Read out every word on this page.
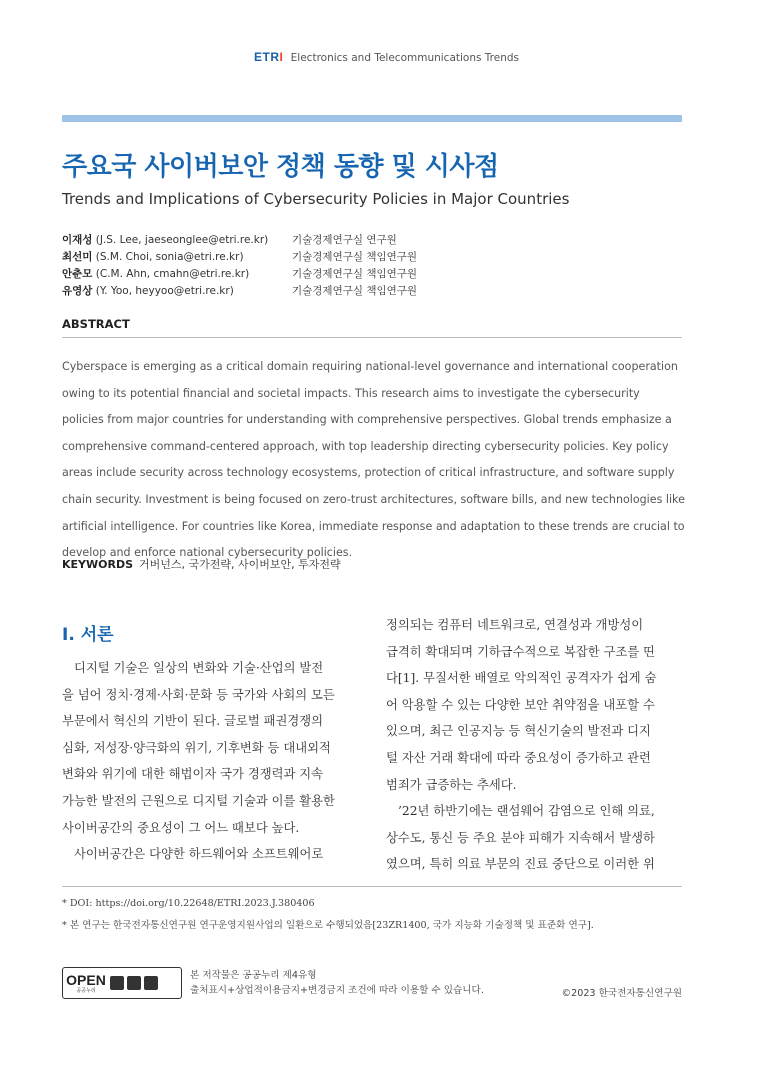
ETRI Electronics and Telecommunications Trends
주요국 사이버보안 정책 동향 및 시사점
Trends and Implications of Cybersecurity Policies in Major Countries
이재성 (J.S. Lee, jaeseonglee@etri.re.kr) 기술경제연구실 연구원
최선미 (S.M. Choi, sonia@etri.re.kr)	기술경제연구실 책임연구원
안춘모 (C.M. Ahn, cmahn@etri.re.kr)	기술경제연구실 책임연구원
유영상 (Y. Yoo, heyyoo@etri.re.kr)	기술경제연구실 책임연구원
ABSTRACT
Cyberspace is emerging as a critical domain requiring national-level governance and international cooperation
owing to its potential financial and societal impacts. This research aims to investigate the cybersecurity
policies from major countries for understanding with comprehensive perspectives. Global trends emphasize a
comprehensive command-centered approach, with top leadership directing cybersecurity policies. Key policy
areas include security across technology ecosystems, protection of critical infrastructure, and software supply
chain security. Investment is being focused on zero-trust architectures, software bills, and new technologies like
artificial intelligence. For countries like Korea, immediate response and adaptation to these trends are crucial to
develop and enforce national cybersecurity policies.
KEYWORDS 거버넌스, 국가전략, 사이버보안, 투자전략
Ⅰ. 서론
디지털 기술은 일상의 변화와 기술·산업의 발전
을 넘어 정치·경제·사회·문화 등 국가와 사회의 모든
부문에서 혁신의 기반이 된다. 글로벌 패권경쟁의
심화, 저성장·양극화의 위기, 기후변화 등 대내외적
변화와 위기에 대한 해법이자 국가 경쟁력과 지속
가능한 발전의 근원으로 디지털 기술과 이를 활용한
사이버공간의 중요성이 그 어느 때보다 높다.
사이버공간은 다양한 하드웨어와 소프트웨어로
정의되는 컴퓨터 네트워크로, 연결성과 개방성이
급격히 확대되며 기하급수적으로 복잡한 구조를 띤
다[1]. 무질서한 배열로 악의적인 공격자가 쉽게 숨
어 악용할 수 있는 다양한 보안 취약점을 내포할 수
있으며, 최근 인공지능 등 혁신기술의 발전과 디지
털 자산 거래 확대에 따라 중요성이 증가하고 관련
범죄가 급증하는 추세다.
’22년 하반기에는 랜섬웨어 감염으로 인해 의료,
상수도, 통신 등 주요 분야 피해가 지속해서 발생하
였으며, 특히 의료 부문의 진료 중단으로 이러한 위
* DOI: https://doi.org/10.22648/ETRI.2023.J.380406
* 본 연구는 한국전자통신연구원 연구운영지원사업의 일환으로 수행되었음[23ZR1400, 국가 지능화 기술정책 및 표준화 연구].
OPEN
공공누리
본 저작물은 공공누리 제4유형
출처표시+상업적이용금지+변경금지 조건에 따라 이용할 수 있습니다.	©2023 한국전자통신연구원
